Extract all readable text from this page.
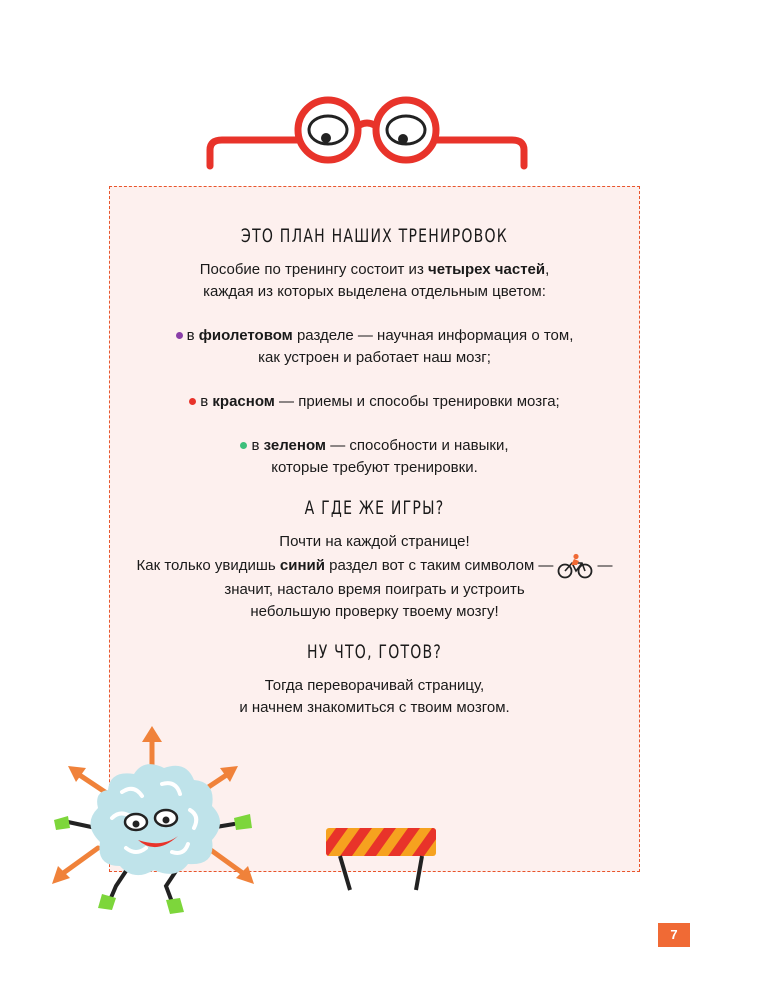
ЭТО ПЛАН НАШИХ ТРЕНИРОВОК

Пособие по тренингу состоит из четырех частей,

каждая из которых выделена отдельным цветом:

в фиолетовом разделе — научная информация о том,

как устроен и работает наш мозг;

в красном — приемы и способы тренировки мозга;

в зеленом — способности и навыки,

которые требуют тренировки.

А ГДЕ ЖЕ ИГРЫ?

Почти на каждой странице!

Как только увидишь синий раздел вот с таким символом —	—

значит, настало время поиграть и устроить

небольшую проверку твоему мозгу!

НУ ЧТО, ГОТОВ?

Тогда переворачивай страницу,

и начнем знакомиться с твоим мозгом.

7
